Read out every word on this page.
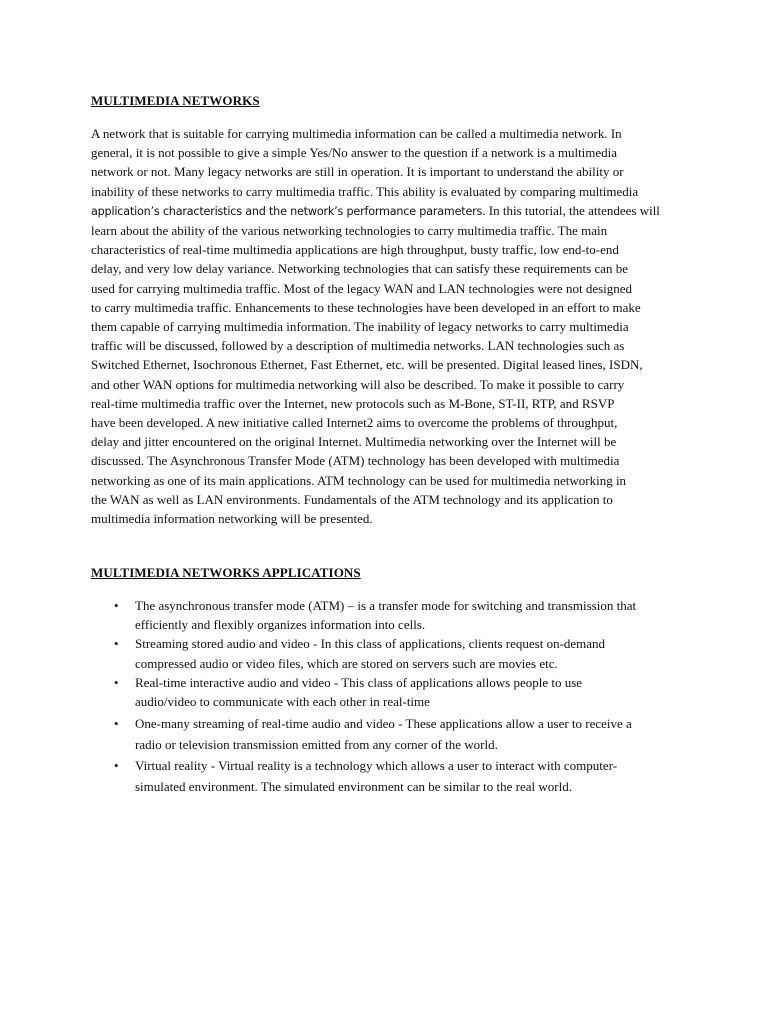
MULTIMEDIA NETWORKS

A network that is suitable for carrying multimedia information can be called a multimedia network. In
general, it is not possible to give a simple Yes/No answer to the question if a network is a multimedia
network or not. Many legacy networks are still in operation. It is important to understand the ability or
inability of these networks to carry multimedia traffic. This ability is evaluated by comparing multimedia
application’s characteristics and the network’s performance parameters. In this tutorial, the attendees will
learn about the ability of the various networking technologies to carry multimedia traffic. The main
characteristics of real-time multimedia applications are high throughput, busty traffic, low end-to-end
delay, and very low delay variance. Networking technologies that can satisfy these requirements can be
used for carrying multimedia traffic. Most of the legacy WAN and LAN technologies were not designed
to carry multimedia traffic. Enhancements to these technologies have been developed in an effort to make
them capable of carrying multimedia information. The inability of legacy networks to carry multimedia
traffic will be discussed, followed by a description of multimedia networks. LAN technologies such as
Switched Ethernet, Isochronous Ethernet, Fast Ethernet, etc. will be presented. Digital leased lines, ISDN,
and other WAN options for multimedia networking will also be described. To make it possible to carry
real-time multimedia traffic over the Internet, new protocols such as M-Bone, ST-II, RTP, and RSVP
have been developed. A new initiative called Internet2 aims to overcome the problems of throughput,
delay and jitter encountered on the original Internet. Multimedia networking over the Internet will be
discussed. The Asynchronous Transfer Mode (ATM) technology has been developed with multimedia
networking as one of its main applications. ATM technology can be used for multimedia networking in
the WAN as well as LAN environments. Fundamentals of the ATM technology and its application to
multimedia information networking will be presented.

MULTIMEDIA NETWORKS APPLICATIONS
• The asynchronous transfer mode (ATM) – is a transfer mode for switching and transmission that
efficiently and flexibly organizes information into cells.
• Streaming stored audio and video - In this class of applications, clients request on-demand
compressed audio or video files, which are stored on servers such are movies etc.
• Real-time interactive audio and video - This class of applications allows people to use
audio/video to communicate with each other in real-time
• One-many streaming of real-time audio and video - These applications allow a user to receive a
radio or television transmission emitted from any corner of the world.
• Virtual reality - Virtual reality is a technology which allows a user to interact with computer-
simulated environment. The simulated environment can be similar to the real world.
